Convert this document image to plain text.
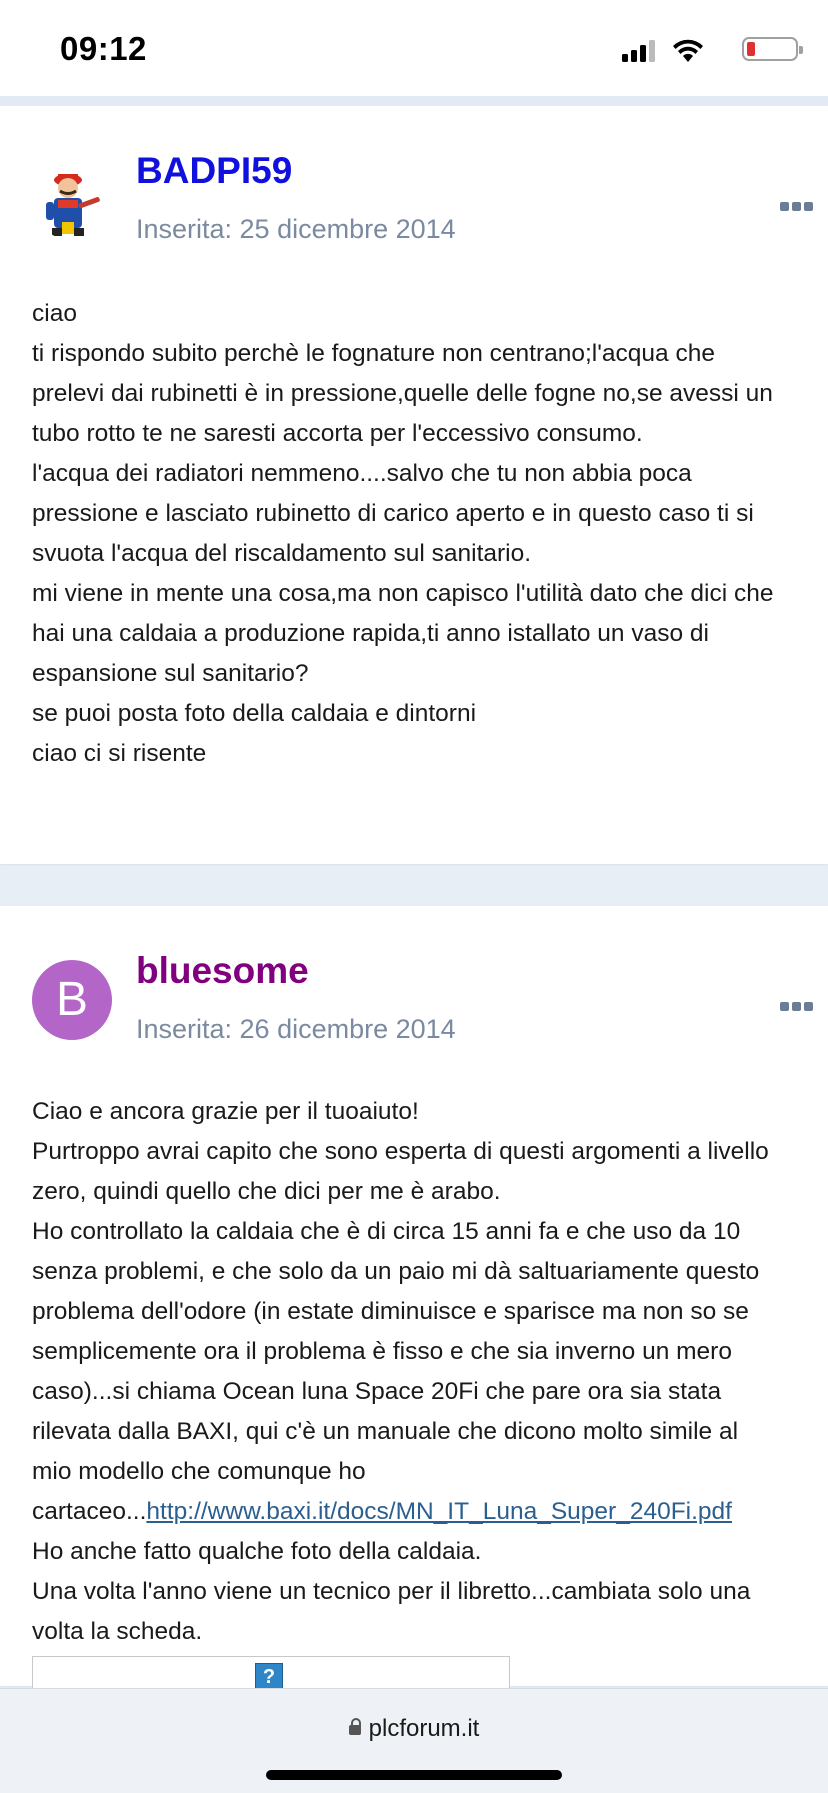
09:12
BADPI59
Inserita: 25 dicembre 2014
ciao
ti rispondo subito perchè le fognature non centrano;l'acqua che
prelevi dai rubinetti è in pressione,quelle delle fogne no,se avessi un
tubo rotto te ne saresti accorta per l'eccessivo consumo.
l'acqua dei radiatori nemmeno....salvo che tu non abbia poca
pressione e lasciato rubinetto di carico aperto e in questo caso ti si
svuota l'acqua del riscaldamento sul sanitario.
mi viene in mente una cosa,ma non capisco l'utilità dato che dici che
hai una caldaia a produzione rapida,ti anno istallato un vaso di
espansione sul sanitario?
se puoi posta foto della caldaia e dintorni
ciao ci si risente
B
bluesome
Inserita: 26 dicembre 2014
Ciao e ancora grazie per il tuoaiuto!
Purtroppo avrai capito che sono esperta di questi argomenti a livello
zero, quindi quello che dici per me è arabo.
Ho controllato la caldaia che è di circa 15 anni fa e che uso da 10
senza problemi, e che solo da un paio mi dà saltuariamente questo
problema dell'odore (in estate diminuisce e sparisce ma non so se
semplicemente ora il problema è fisso e che sia inverno un mero
caso)...si chiama Ocean luna Space 20Fi che pare ora sia stata
rilevata dalla BAXI, qui c'è un manuale che dicono molto simile al
mio modello che comunque ho
cartaceo...http://www.baxi.it/docs/MN_IT_Luna_Super_240Fi.pdf
Ho anche fatto qualche foto della caldaia.
Una volta l'anno viene un tecnico per il libretto...cambiata solo una
volta la scheda.
?
plcforum.it
